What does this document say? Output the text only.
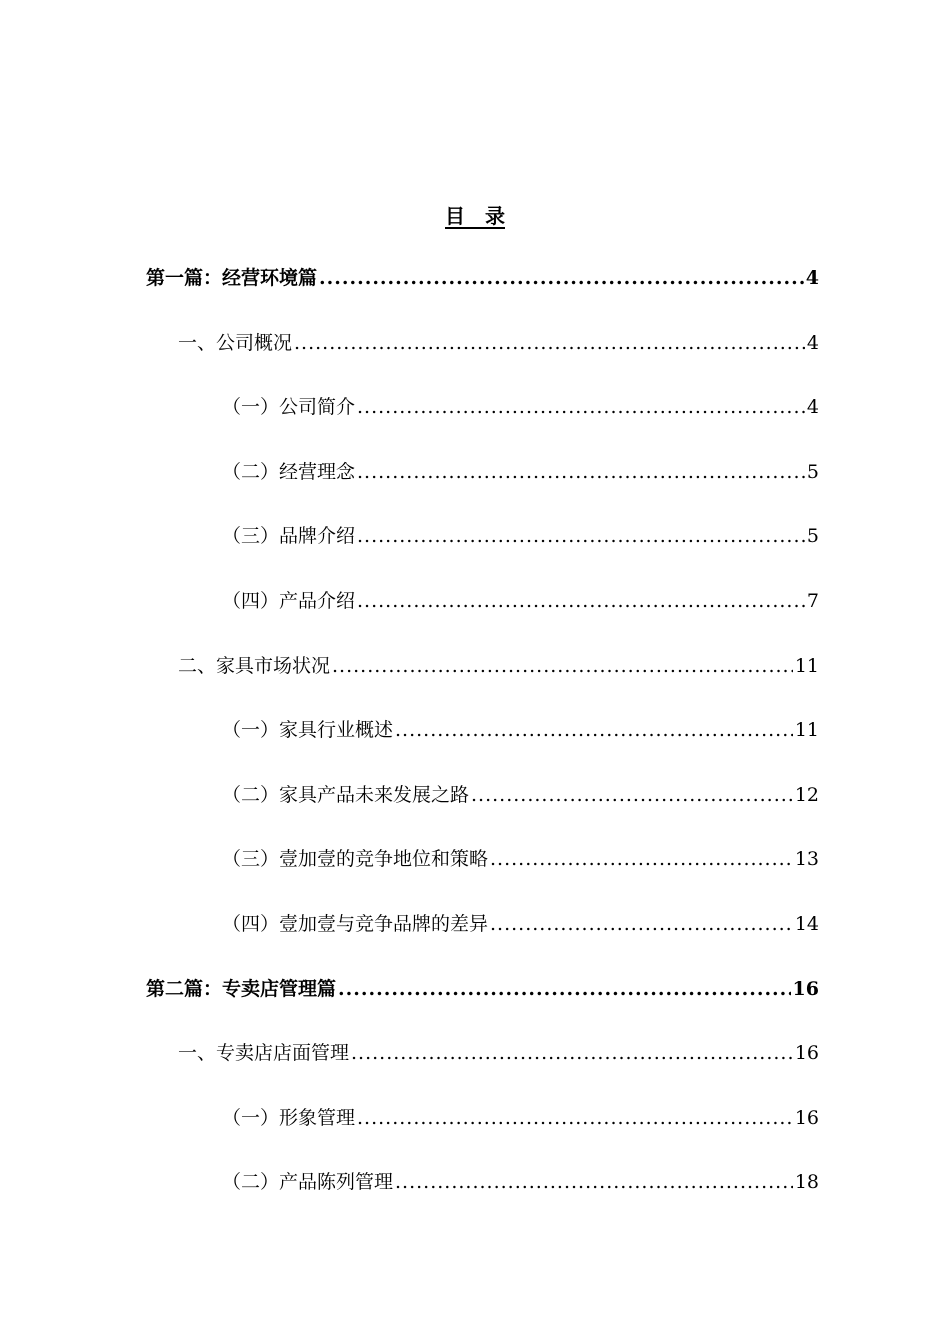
目　录
第一篇：经营环境篇 .....	4
一、公司概况 .....	4
（一）公司简介 .....	4
（二）经营理念 .....	5
（三）品牌介绍 .....	5
（四）产品介绍 .....	7
二、家具市场状况 .....	11
（一）家具行业概述 .....	11
（二）家具产品未来发展之路 .....	12
（三）壹加壹的竞争地位和策略 .....	13
（四）壹加壹与竞争品牌的差异 .....	14
第二篇：专卖店管理篇 .....	16
一、专卖店店面管理 .....	16
（一）形象管理 .....	16
（二）产品陈列管理 .....	18
